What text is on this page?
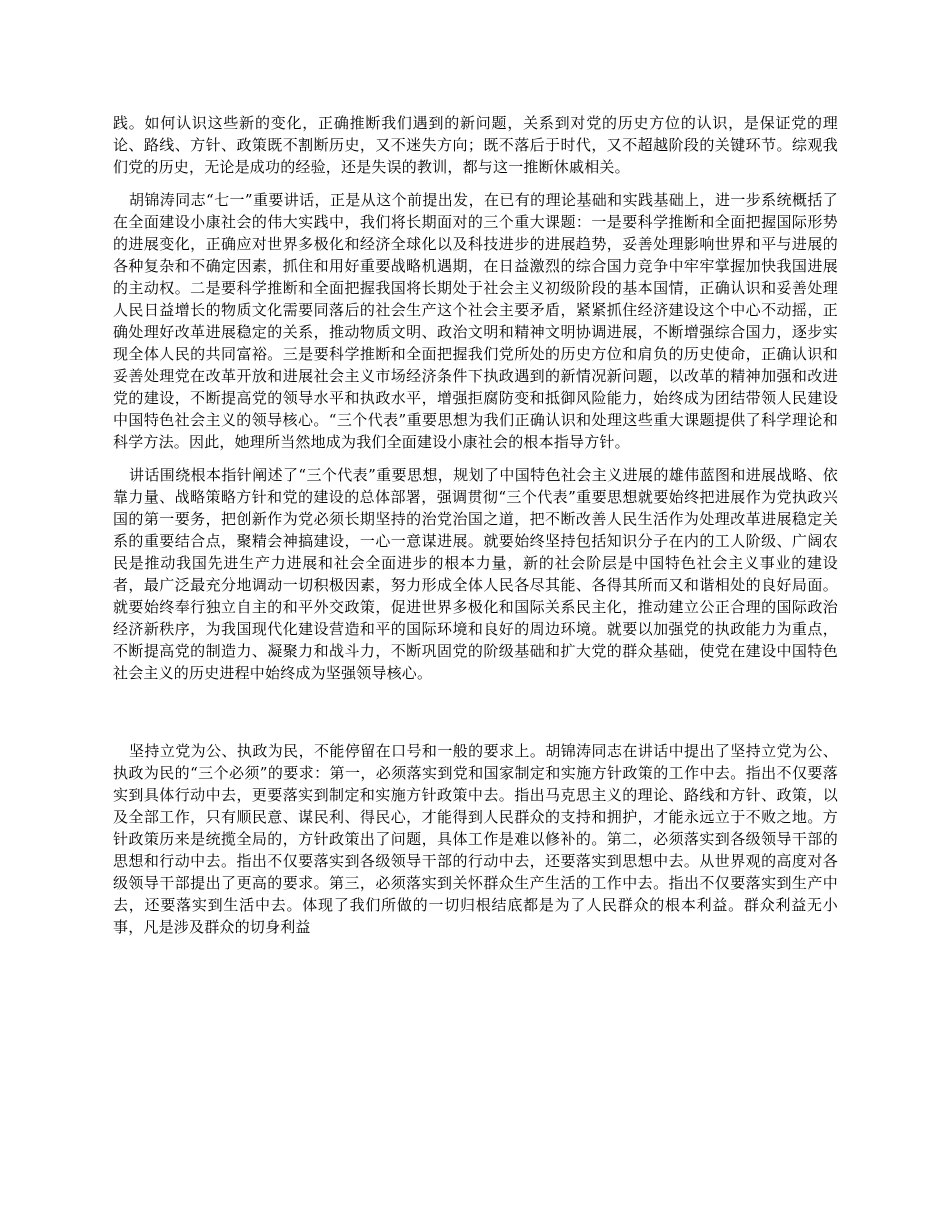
践。如何认识这些新的变化，正确推断我们遇到的新问题，关系到对党的历史方位的认识，是保证党的理论、路线、方针、政策既不割断历史，又不迷失方向；既不落后于时代，又不超越阶段的关键环节。综观我们党的历史，无论是成功的经验，还是失误的教训，都与这一推断休戚相关。

胡锦涛同志“七一”重要讲话，正是从这个前提出发，在已有的理论基础和实践基础上，进一步系统概括了在全面建设小康社会的伟大实践中，我们将长期面对的三个重大课题：一是要科学推断和全面把握国际形势的进展变化，正确应对世界多极化和经济全球化以及科技进步的进展趋势，妥善处理影响世界和平与进展的各种复杂和不确定因素，抓住和用好重要战略机遇期，在日益激烈的综合国力竞争中牢牢掌握加快我国进展的主动权。二是要科学推断和全面把握我国将长期处于社会主义初级阶段的基本国情，正确认识和妥善处理人民日益增长的物质文化需要同落后的社会生产这个社会主要矛盾，紧紧抓住经济建设这个中心不动摇，正确处理好改革进展稳定的关系，推动物质文明、政治文明和精神文明协调进展，不断增强综合国力，逐步实现全体人民的共同富裕。三是要科学推断和全面把握我们党所处的历史方位和肩负的历史使命，正确认识和妥善处理党在改革开放和进展社会主义市场经济条件下执政遇到的新情况新问题，以改革的精神加强和改进党的建设，不断提高党的领导水平和执政水平，增强拒腐防变和抵御风险能力，始终成为团结带领人民建设中国特色社会主义的领导核心。“三个代表”重要思想为我们正确认识和处理这些重大课题提供了科学理论和科学方法。因此，她理所当然地成为我们全面建设小康社会的根本指导方针。

讲话围绕根本指针阐述了“三个代表”重要思想，规划了中国特色社会主义进展的雄伟蓝图和进展战略、依靠力量、战略策略方针和党的建设的总体部署，强调贯彻“三个代表”重要思想就要始终把进展作为党执政兴国的第一要务，把创新作为党必须长期坚持的治党治国之道，把不断改善人民生活作为处理改革进展稳定关系的重要结合点，聚精会神搞建设，一心一意谋进展。就要始终坚持包括知识分子在内的工人阶级、广阔农民是推动我国先进生产力进展和社会全面进步的根本力量，新的社会阶层是中国特色社会主义事业的建设者，最广泛最充分地调动一切积极因素，努力形成全体人民各尽其能、各得其所而又和谐相处的良好局面。就要始终奉行独立自主的和平外交政策，促进世界多极化和国际关系民主化，推动建立公正合理的国际政治经济新秩序，为我国现代化建设营造和平的国际环境和良好的周边环境。就要以加强党的执政能力为重点，不断提高党的制造力、凝聚力和战斗力，不断巩固党的阶级基础和扩大党的群众基础，使党在建设中国特色社会主义的历史进程中始终成为坚强领导核心。

坚持立党为公、执政为民，不能停留在口号和一般的要求上。胡锦涛同志在讲话中提出了坚持立党为公、执政为民的“三个必须”的要求：第一，必须落实到党和国家制定和实施方针政策的工作中去。指出不仅要落实到具体行动中去，更要落实到制定和实施方针政策中去。指出马克思主义的理论、路线和方针、政策，以及全部工作，只有顺民意、谋民利、得民心，才能得到人民群众的支持和拥护，才能永远立于不败之地。方针政策历来是统揽全局的，方针政策出了问题，具体工作是难以修补的。第二，必须落实到各级领导干部的思想和行动中去。指出不仅要落实到各级领导干部的行动中去，还要落实到思想中去。从世界观的高度对各级领导干部提出了更高的要求。第三，必须落实到关怀群众生产生活的工作中去。指出不仅要落实到生产中去，还要落实到生活中去。体现了我们所做的一切归根结底都是为了人民群众的根本利益。群众利益无小事，凡是涉及群众的切身利益
